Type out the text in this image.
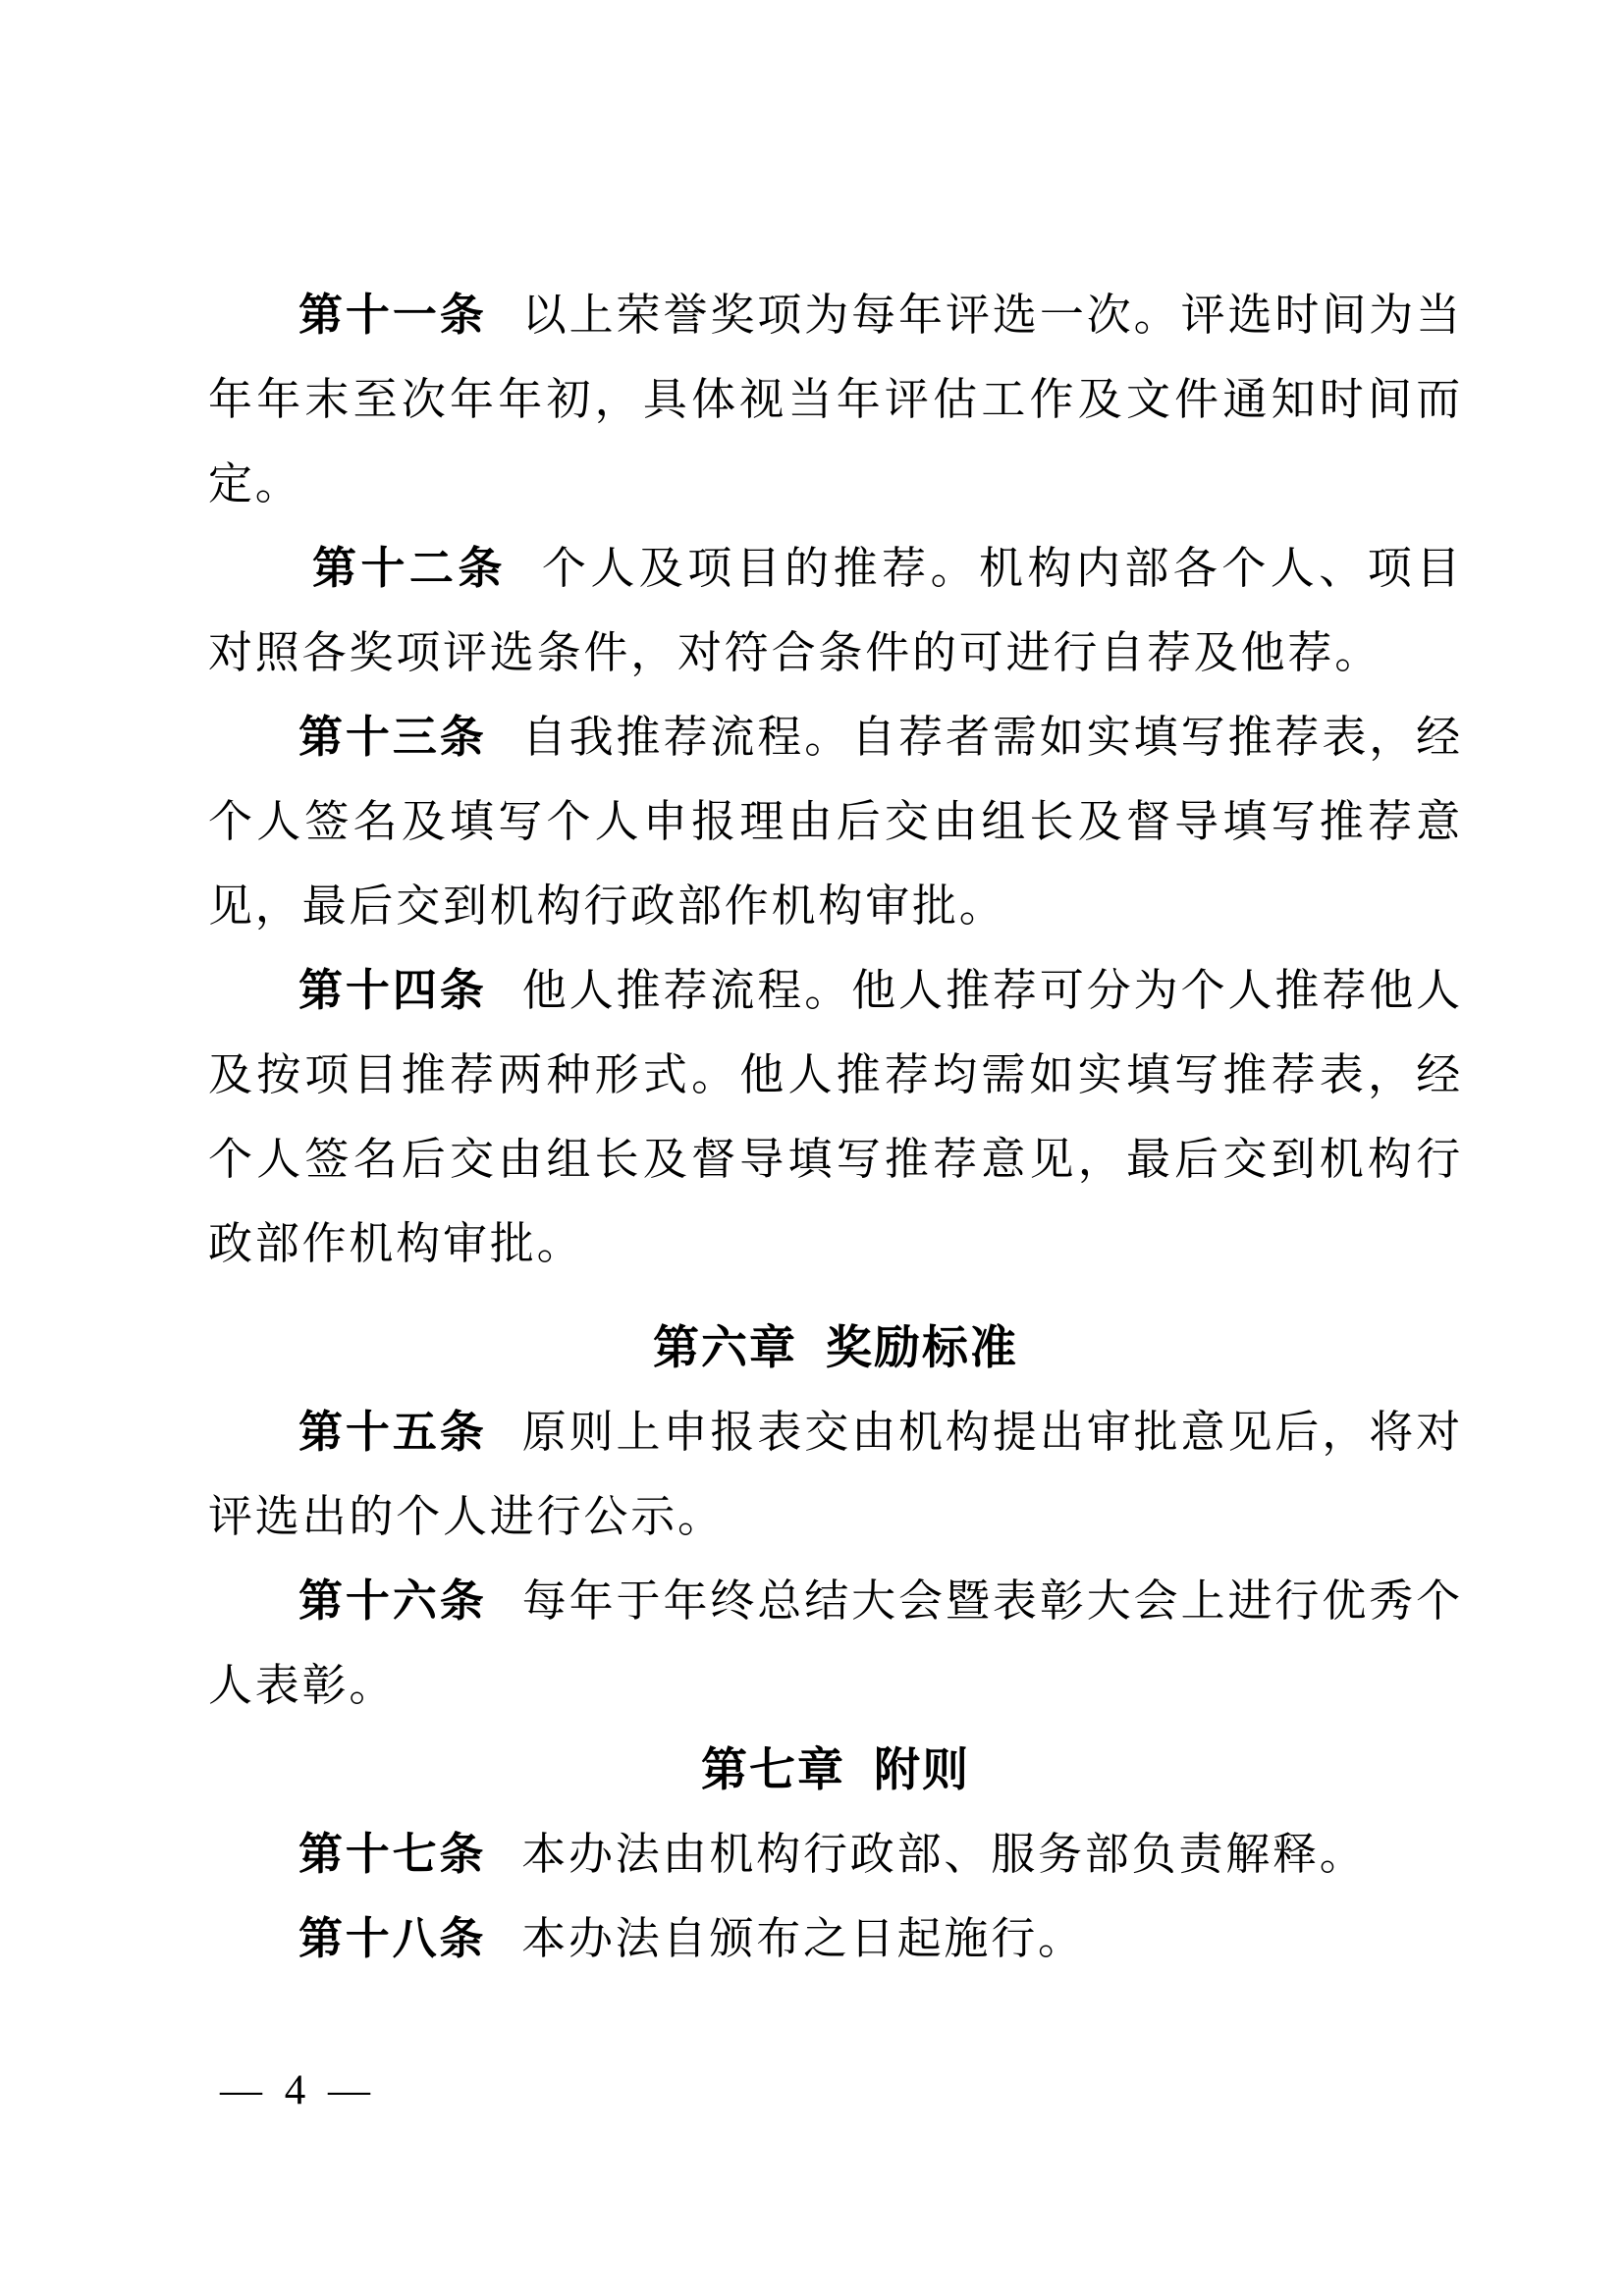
第十一条 以上荣誉奖项为每年评选一次。评选时间为当年年末至次年年初，具体视当年评估工作及文件通知时间而定。

第十二条 个人及项目的推荐。机构内部各个人、项目对照各奖项评选条件，对符合条件的可进行自荐及他荐。

第十三条 自我推荐流程。自荐者需如实填写推荐表，经个人签名及填写个人申报理由后交由组长及督导填写推荐意见，最后交到机构行政部作机构审批。

第十四条 他人推荐流程。他人推荐可分为个人推荐他人及按项目推荐两种形式。他人推荐均需如实填写推荐表，经个人签名后交由组长及督导填写推荐意见，最后交到机构行政部作机构审批。

第六章 奖励标准

第十五条 原则上申报表交由机构提出审批意见后，将对评选出的个人进行公示。

第十六条 每年于年终总结大会暨表彰大会上进行优秀个人表彰。

第七章 附则

第十七条 本办法由机构行政部、服务部负责解释。

第十八条 本办法自颁布之日起施行。

— 4 —
